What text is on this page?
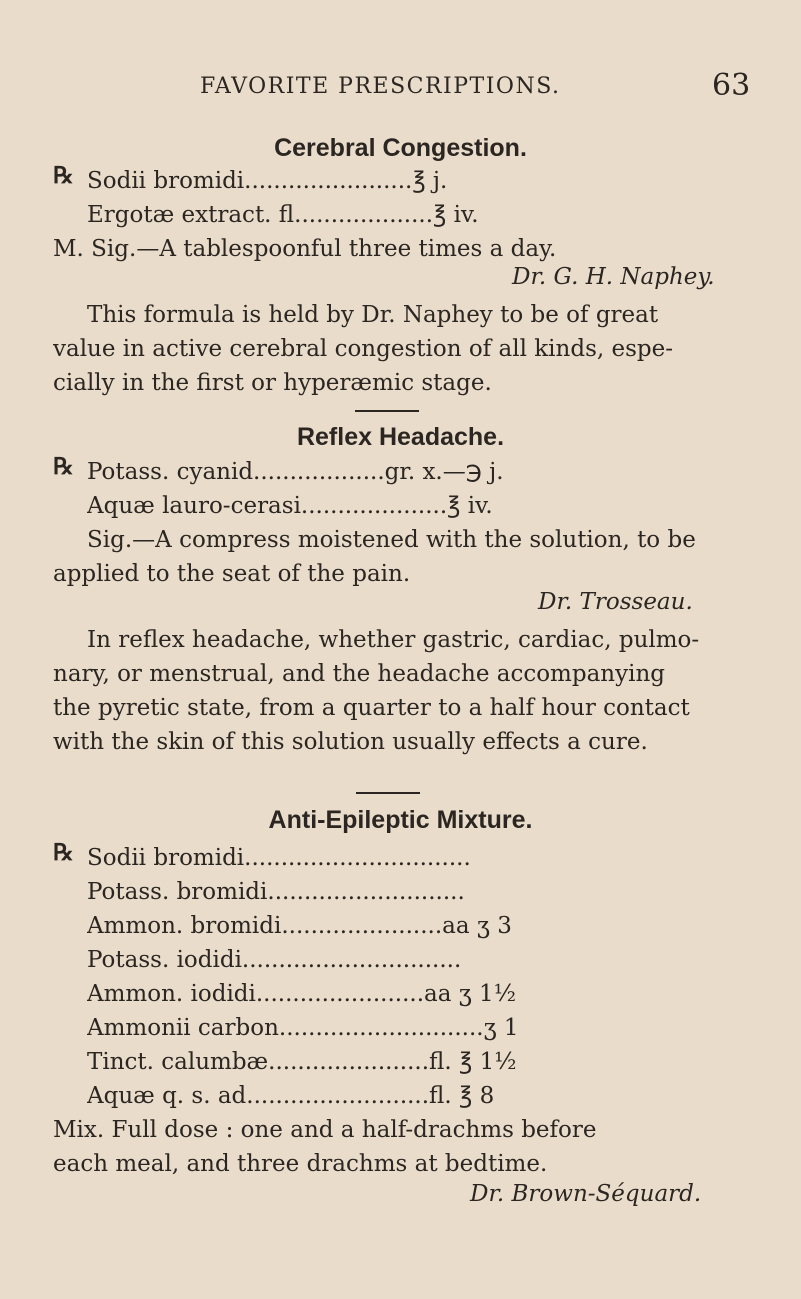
FAVORITE PRESCRIPTIONS.	63
Cerebral Congestion.
℞ Sodii bromidi.......................℥ j.
Ergotæ extract. fl...................℥ iv.
M. Sig.—A tablespoonful three times a day.
Dr. G. H. Naphey.
This formula is held by Dr. Naphey to be of great
value in active cerebral congestion of all kinds, espe-
cially in the first or hyperæmic stage.
Reflex Headache.
℞ Potass. cyanid..................gr. x.—℈ j.
Aquæ lauro-cerasi....................℥ iv.
Sig.—A compress moistened with the solution, to be
applied to the seat of the pain.
Dr. Trosseau.
In reflex headache, whether gastric, cardiac, pulmo-
nary, or menstrual, and the headache accompanying
the pyretic state, from a quarter to a half hour contact
with the skin of this solution usually effects a cure.
Anti-Epileptic Mixture.
℞ Sodii bromidi...............................
Potass. bromidi...........................
Ammon. bromidi......................aa ʒ 3
Potass. iodidi..............................
Ammon. iodidi.......................aa ʒ 1½
Ammonii carbon............................ʒ 1
Tinct. calumbæ......................fl. ℥ 1½
Aquæ q. s. ad.........................fl. ℥ 8
Mix. Full dose : one and a half-drachms before
each meal, and three drachms at bedtime.
Dr. Brown-Séquard.
